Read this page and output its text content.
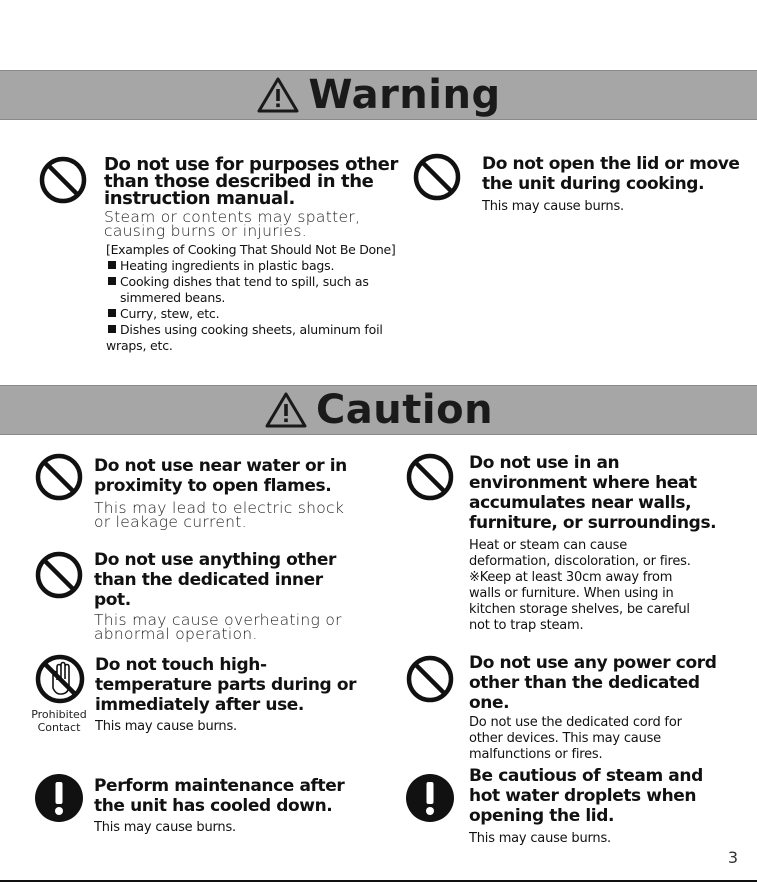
Warning
Do not use for purposes other than those described in the instruction manual.
Steam or contents may spatter, causing burns or injuries.
[Examples of Cooking That Should Not Be Done]
Heating ingredients in plastic bags.
Cooking dishes that tend to spill, such as simmered beans.
Curry, stew, etc.
Dishes using cooking sheets, aluminum foil wraps, etc.
Do not open the lid or move the unit during cooking.
This may cause burns.
Caution
Do not use near water or in proximity to open flames.
This may lead to electric shock or leakage current.
Do not use anything other than the dedicated inner pot.
This may cause overheating or abnormal operation.
Prohibited Contact
Do not touch high-temperature parts during or immediately after use.
This may cause burns.
Perform maintenance after the unit has cooled down.
This may cause burns.
Do not use in an environment where heat accumulates near walls, furniture, or surroundings.
Heat or steam can cause deformation, discoloration, or fires. ※Keep at least 30cm away from walls or furniture. When using in kitchen storage shelves, be careful not to trap steam.
Do not use any power cord other than the dedicated one.
Do not use the dedicated cord for other devices. This may cause malfunctions or fires.
Be cautious of steam and hot water droplets when opening the lid.
This may cause burns.
3
